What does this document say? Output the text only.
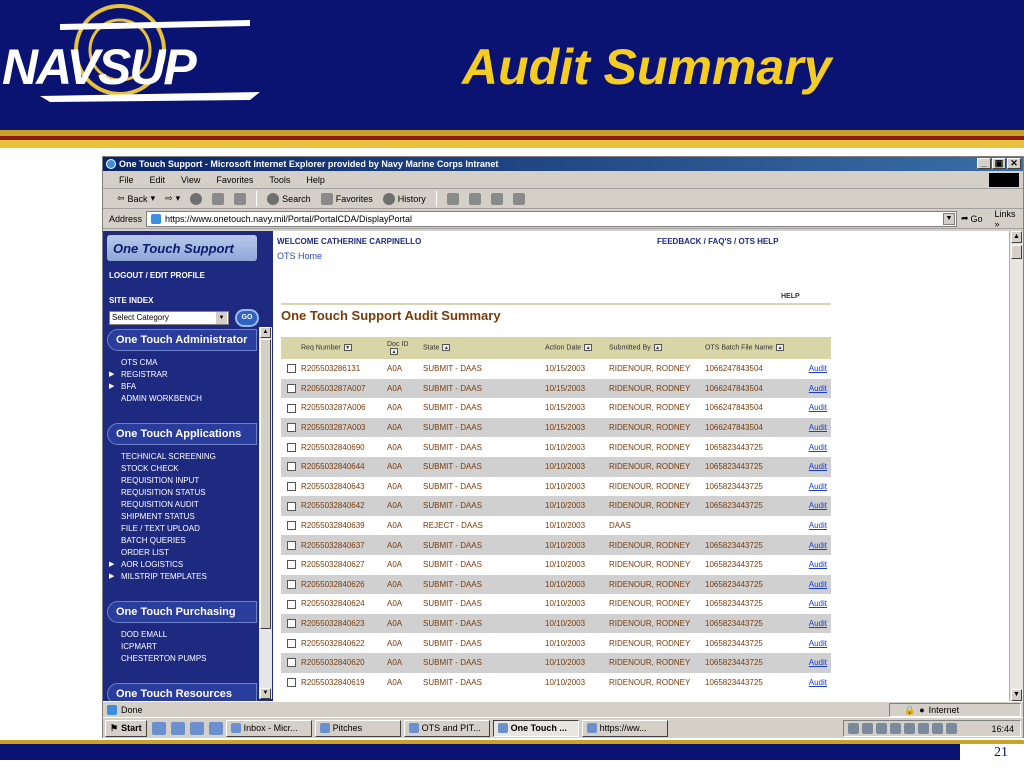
NAVSUP	Audit Summary
One Touch Support - Microsoft Internet Explorer provided by Navy Marine Corps Intranet	_ ▣ ✕
File Edit View Favorites Tools Help
⇦ Back ▾ ⇨ ▾	Search	Favorites	History
Address	https://www.onetouch.navy.mil/Portal/PortalCDA/DisplayPortal	▼ ➦ Go Links »
One Touch Support
LOGOUT / EDIT PROFILE
SITE INDEX
Select Category	▼	GO
One Touch Administrator
OTS CMA
▶ REGISTRAR
▶ BFA
ADMIN WORKBENCH
One Touch Applications
TECHNICAL SCREENING
STOCK CHECK
REQUISITION INPUT
REQUISITION STATUS
REQUISITION AUDIT
SHIPMENT STATUS
FILE / TEXT UPLOAD
BATCH QUERIES
ORDER LIST
▶ AOR LOGISTICS
▶ MILSTRIP TEMPLATES
One Touch Purchasing
DOD EMALL
ICPMART
CHESTERTON PUMPS
One Touch Resources
▲
▼
WELCOME CATHERINE CARPINELLO	FEEDBACK / FAQ'S / OTS HELP
OTS Home
HELP
One Touch Support Audit Summary
	Req Number ▼	Doc ID▲	State ▲	Action Date ▲	Submitted By ▲	OTS Batch File Name ▲	
	R205503286131	A0A	SUBMIT - DAAS	10/15/2003	RIDENOUR, RODNEY	1066247843504	Audit
	R205503287A007	A0A	SUBMIT - DAAS	10/15/2003	RIDENOUR, RODNEY	1066247843504	Audit
	R205503287A006	A0A	SUBMIT - DAAS	10/15/2003	RIDENOUR, RODNEY	1066247843504	Audit
	R205503287A003	A0A	SUBMIT - DAAS	10/15/2003	RIDENOUR, RODNEY	1066247843504	Audit
	R2055032840690	A0A	SUBMIT - DAAS	10/10/2003	RIDENOUR, RODNEY	1065823443725	Audit
	R2055032840644	A0A	SUBMIT - DAAS	10/10/2003	RIDENOUR, RODNEY	1065823443725	Audit
	R2055032840643	A0A	SUBMIT - DAAS	10/10/2003	RIDENOUR, RODNEY	1065823443725	Audit
	R2055032840642	A0A	SUBMIT - DAAS	10/10/2003	RIDENOUR, RODNEY	1065823443725	Audit
	R2055032840639	A0A	REJECT - DAAS	10/10/2003	DAAS		Audit
	R2055032840637	A0A	SUBMIT - DAAS	10/10/2003	RIDENOUR, RODNEY	1065823443725	Audit
	R2055032840627	A0A	SUBMIT - DAAS	10/10/2003	RIDENOUR, RODNEY	1065823443725	Audit
	R2055032840626	A0A	SUBMIT - DAAS	10/10/2003	RIDENOUR, RODNEY	1065823443725	Audit
	R2055032840624	A0A	SUBMIT - DAAS	10/10/2003	RIDENOUR, RODNEY	1065823443725	Audit
	R2055032840623	A0A	SUBMIT - DAAS	10/10/2003	RIDENOUR, RODNEY	1065823443725	Audit
	R2055032840622	A0A	SUBMIT - DAAS	10/10/2003	RIDENOUR, RODNEY	1065823443725	Audit
	R2055032840620	A0A	SUBMIT - DAAS	10/10/2003	RIDENOUR, RODNEY	1065823443725	Audit
	R2055032840619	A0A	SUBMIT - DAAS	10/10/2003	RIDENOUR, RODNEY	1065823443725	Audit
▲
▼
Done	🔒 ● Internet
⚑ Start	Inbox - Micr...	Pitches	OTS and PIT...	One Touch ...	https://ww...	16:44
21
